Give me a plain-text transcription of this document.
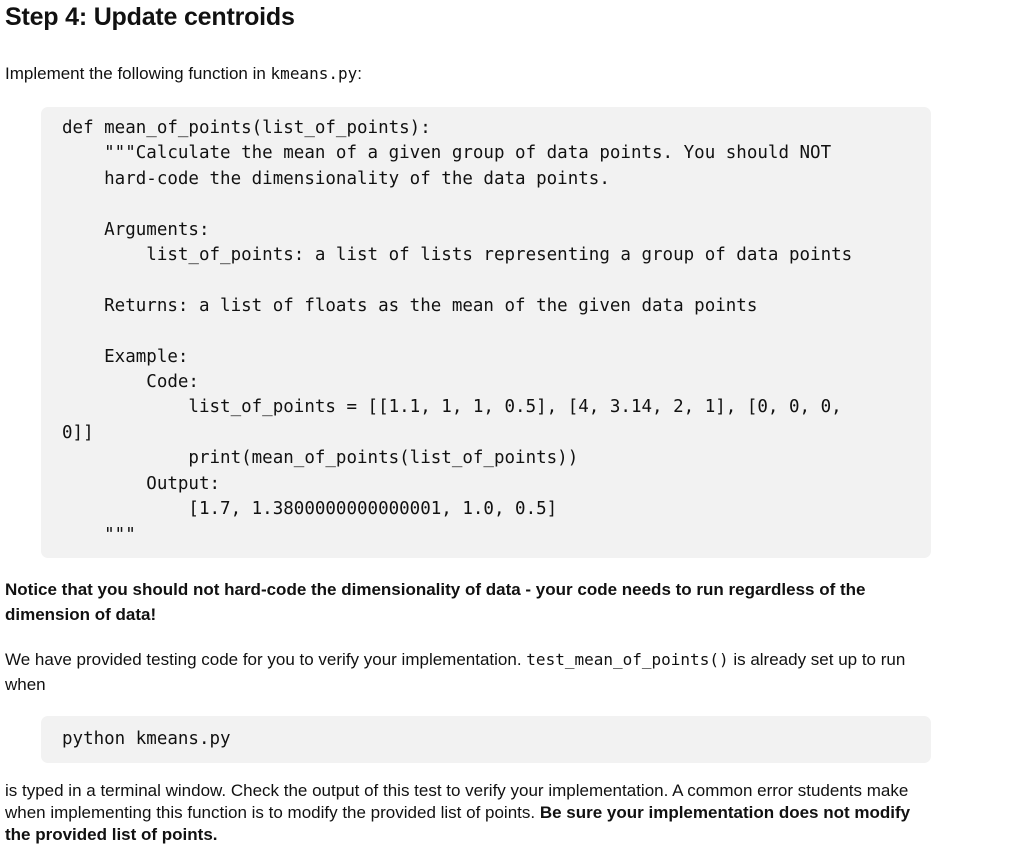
Step 4: Update centroids

Implement the following function in kmeans.py:

def mean_of_points(list_of_points):
"""Calculate the mean of a given group of data points. You should NOT
hard-code the dimensionality of the data points.

Arguments:
list_of_points: a list of lists representing a group of data points

Returns: a list of floats as the mean of the given data points

Example:
Code:
list_of_points = [[1.1, 1, 1, 0.5], [4, 3.14, 2, 1], [0, 0, 0,
0]]
print(mean_of_points(list_of_points))
Output:
[1.7, 1.3800000000000001, 1.0, 0.5]
"""

Notice that you should not hard-code the dimensionality of data - your code needs to run regardless of the dimension of data!

We have provided testing code for you to verify your implementation. test_mean_of_points() is already set up to run when

python kmeans.py

is typed in a terminal window. Check the output of this test to verify your implementation. A common error students make when implementing this function is to modify the provided list of points. Be sure your implementation does not modify the provided list of points.
